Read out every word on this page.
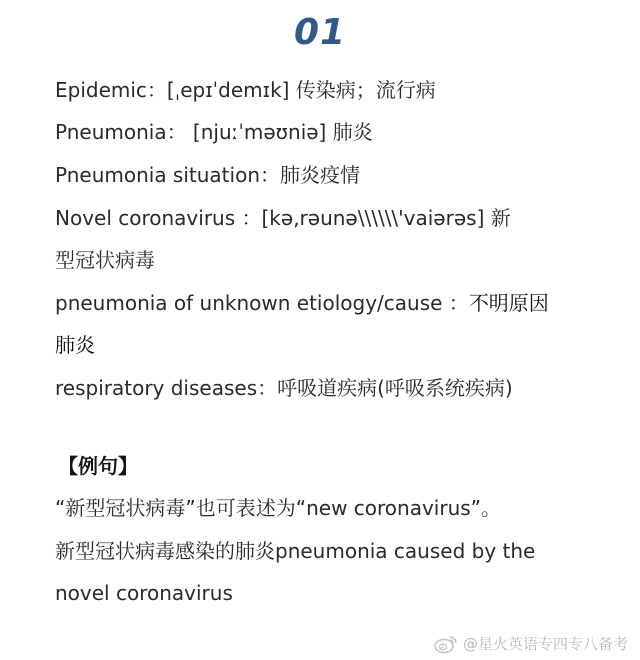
01
Epidemic：[ˌepɪˈdemɪk] 传染病；流行病
Pneumonia： [njuːˈməʊniə] 肺炎
Pneumonia situation：肺炎疫情
Novel coronavirus ：[kə,rəunə\\\\\\'vaiərəs] 新
型冠状病毒
pneumonia of unknown etiology/cause ：不明原因
肺炎
respiratory diseases：呼吸道疾病(呼吸系统疾病)
【例句】
“新型冠状病毒”也可表述为“new coronavirus”。
新型冠状病毒感染的肺炎pneumonia caused by the
novel coronavirus
@星火英语专四专八备考
